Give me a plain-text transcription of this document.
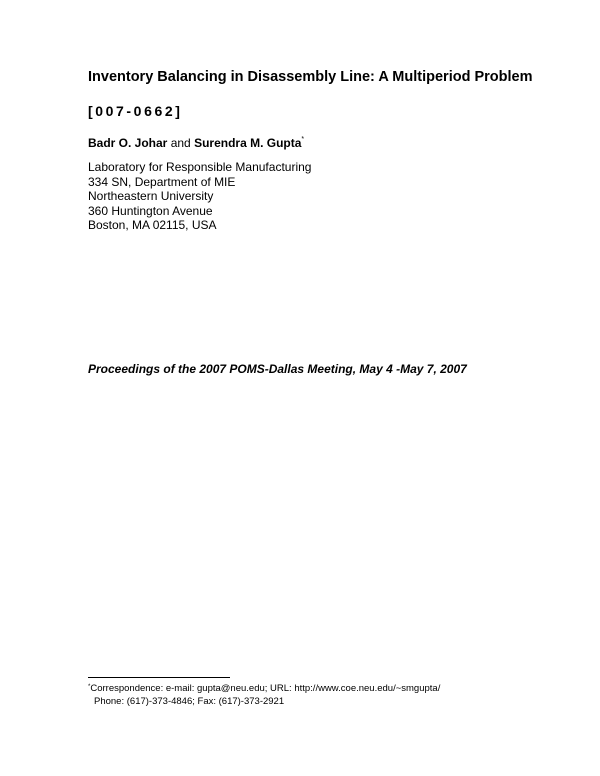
Inventory Balancing in Disassembly Line: A Multiperiod Problem
[007-0662]
Badr O. Johar and Surendra M. Gupta*
Laboratory for Responsible Manufacturing
334 SN, Department of MIE
Northeastern University
360 Huntington Avenue
Boston, MA 02115, USA
Proceedings of the 2007 POMS-Dallas Meeting, May 4 -May 7, 2007
*Correspondence: e-mail: gupta@neu.edu; URL: http://www.coe.neu.edu/~smgupta/
Phone: (617)-373-4846; Fax: (617)-373-2921
